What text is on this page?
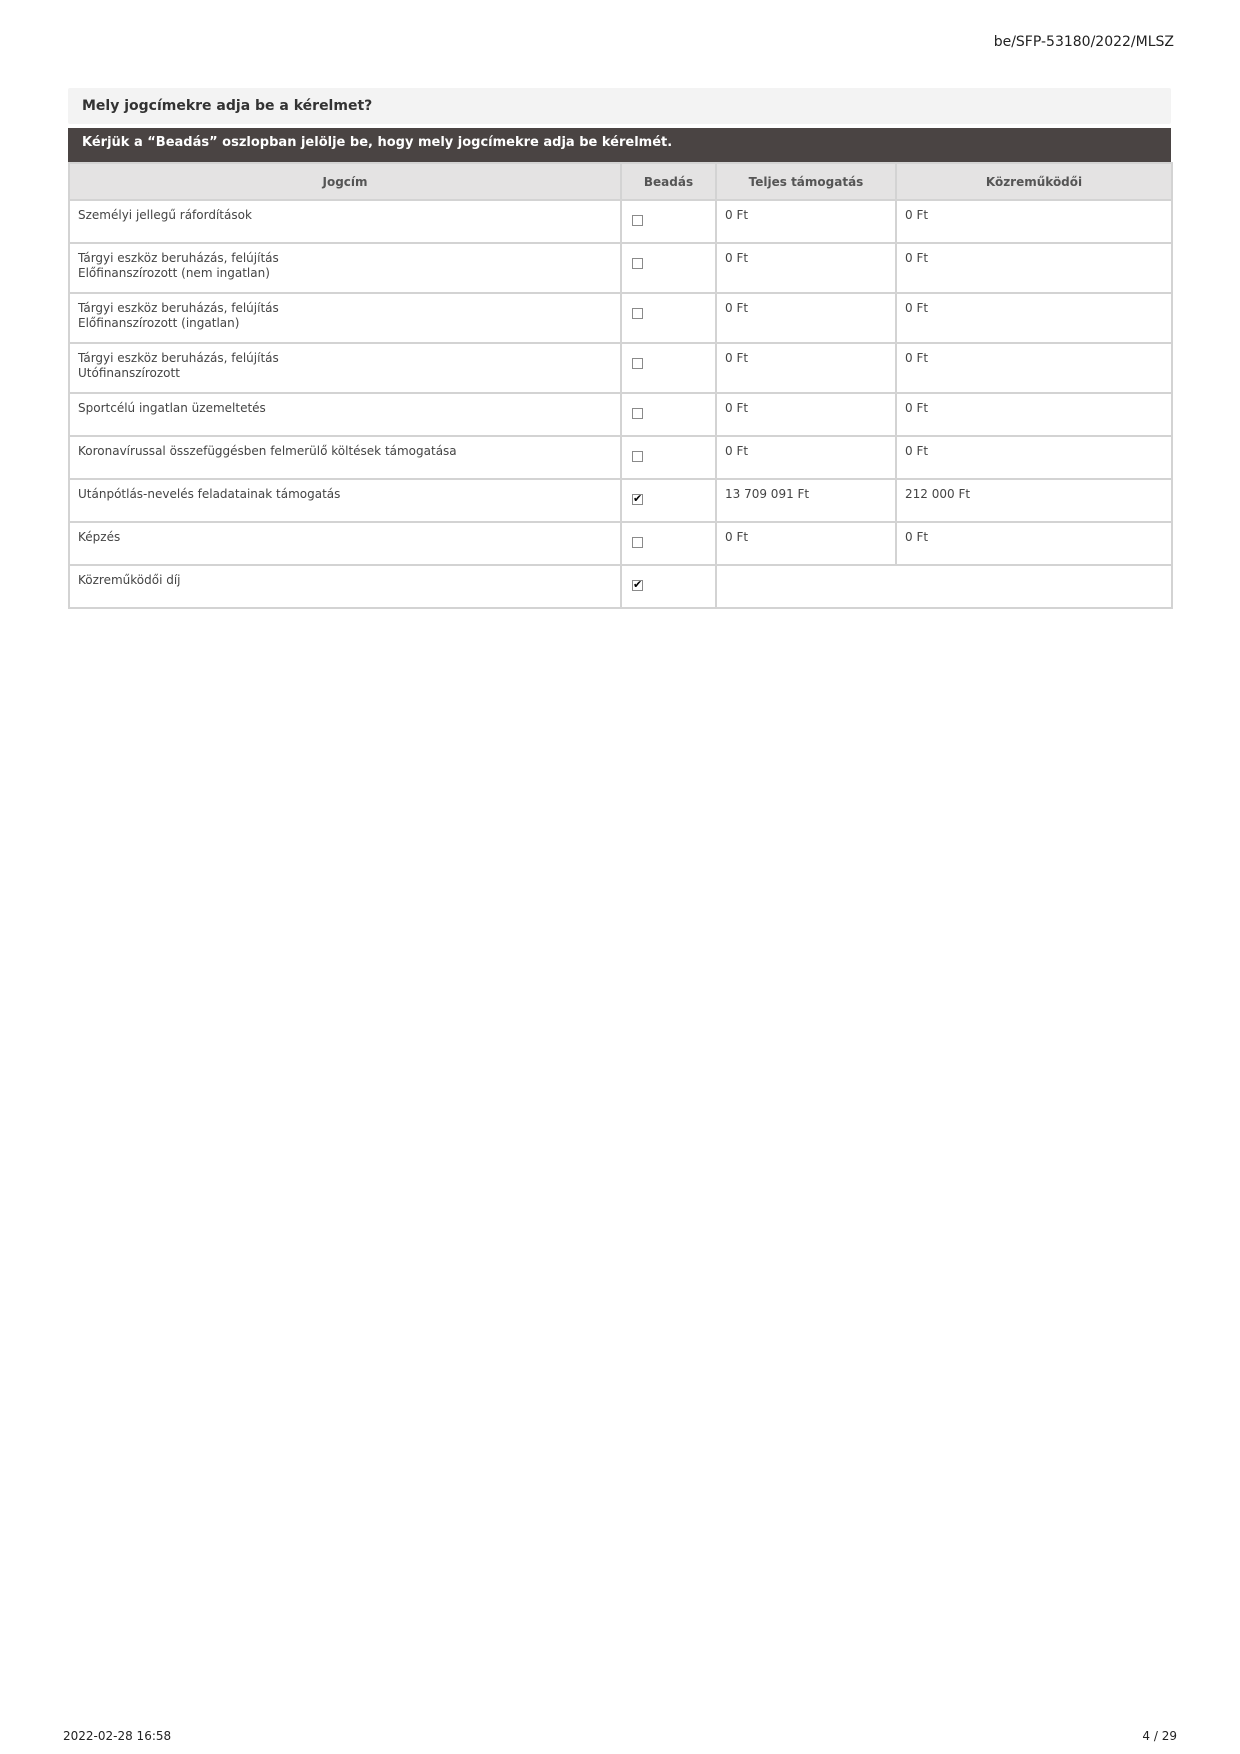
be/SFP-53180/2022/MLSZ
Mely jogcímekre adja be a kérelmet?
Kérjük a “Beadás” oszlopban jelölje be, hogy mely jogcímekre adja be kérelmét.
Jogcím	Beadás	Teljes támogatás	Közreműködői

Személyi jellegű ráfordítások		0 Ft	0 Ft

Tárgyi eszköz beruházás, felújítás
Előfinanszírozott (nem ingatlan)		0 Ft	0 Ft

Tárgyi eszköz beruházás, felújítás
Előfinanszírozott (ingatlan)		0 Ft	0 Ft

Tárgyi eszköz beruházás, felújítás
Utófinanszírozott		0 Ft	0 Ft

Sportcélú ingatlan üzemeltetés		0 Ft	0 Ft

Koronavírussal összefüggésben felmerülő költések támogatása		0 Ft	0 Ft

Utánpótlás-nevelés feladatainak támogatás
	✔	13 709 091 Ft	212 000 Ft

Képzés		0 Ft	0 Ft

Közreműködői díj
	✔	
2022-02-28 16:58	4 / 29
